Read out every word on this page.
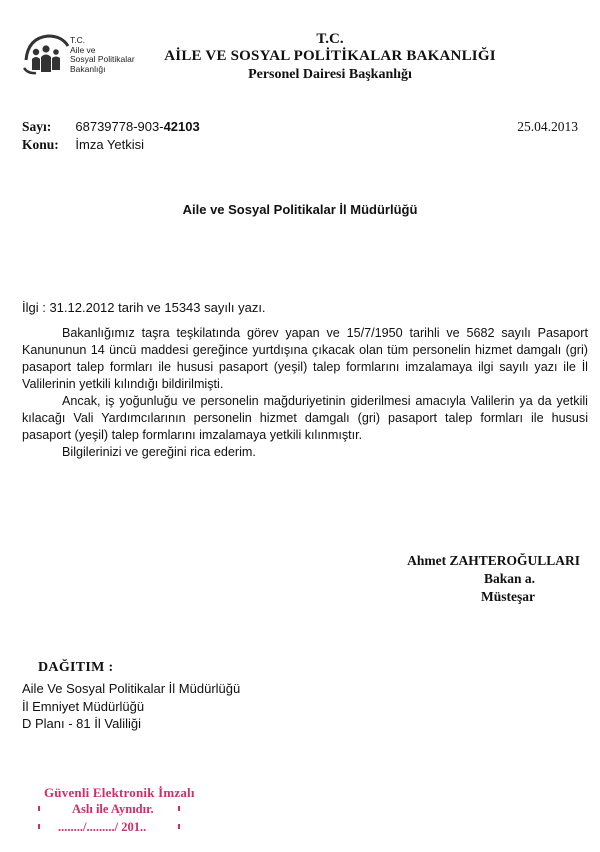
T.C.
Aile ve
Sosyal Politikalar
Bakanlığı
T.C.
AİLE VE SOSYAL POLİTİKALAR BAKANLIĞI
Personel Dairesi Başkanlığı
Sayı: 68739778-903-42103
Konu: İmza Yetkisi
25.04.2013
Aile ve Sosyal Politikalar İl Müdürlüğü
İlgi : 31.12.2012 tarih ve 15343 sayılı yazı.

Bakanlığımız taşra teşkilatında görev yapan ve 15/7/1950 tarihli ve 5682 sayılı Pasaport Kanununun 14 üncü maddesi gereğince yurtdışına çıkacak olan tüm personelin hizmet damgalı (gri) pasaport talep formları ile hususi pasaport (yeşil) talep formlarını imzalamaya ilgi sayılı yazı ile İl Valilerinin yetkili kılındığı bildirilmişti.

Ancak, iş yoğunluğu ve personelin mağduriyetinin giderilmesi amacıyla Valilerin ya da yetkili kılacağı Vali Yardımcılarının personelin hizmet damgalı (gri) pasaport talep formları ile hususi pasaport (yeşil) talep formlarını imzalamaya yetkili kılınmıştır.

Bilgilerinizi ve gereğini rica ederim.

Ahmet ZAHTEROĞULLARI
Bakan a.
Müsteşar
DAĞITIM :
Aile Ve Sosyal Politikalar İl Müdürlüğü
İl Emniyet Müdürlüğü
D Planı - 81 İl Valiliği
Güvenli Elektronik İmzalı
Aslı ile Aynıdır.
......../........./ 201..
